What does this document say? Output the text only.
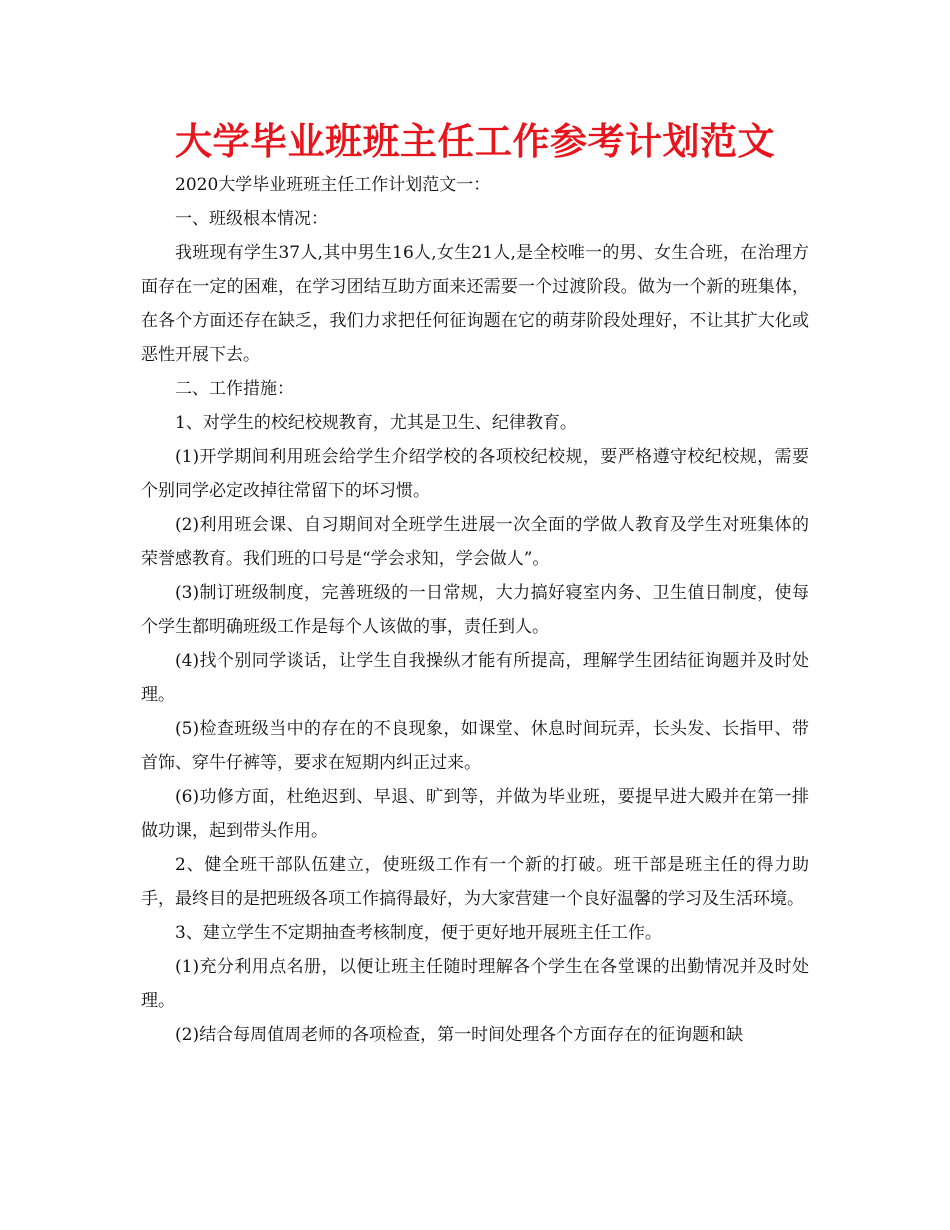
大学毕业班班主任工作参考计划范文

2020大学毕业班班主任工作计划范文一：

一、班级根本情况：

我班现有学生37人,其中男生16人,女生21人,是全校唯一的男、女生合班，在治理方面存在一定的困难，在学习团结互助方面来还需要一个过渡阶段。做为一个新的班集体，在各个方面还存在缺乏，我们力求把任何征询题在它的萌芽阶段处理好，不让其扩大化或恶性开展下去。

二、工作措施：

1、对学生的校纪校规教育，尤其是卫生、纪律教育。

(1)开学期间利用班会给学生介绍学校的各项校纪校规，要严格遵守校纪校规，需要个别同学必定改掉往常留下的坏习惯。

(2)利用班会课、自习期间对全班学生进展一次全面的学做人教育及学生对班集体的荣誉感教育。我们班的口号是“学会求知，学会做人”。

(3)制订班级制度，完善班级的一日常规，大力搞好寝室内务、卫生值日制度，使每个学生都明确班级工作是每个人该做的事，责任到人。

(4)找个别同学谈话，让学生自我操纵才能有所提高，理解学生团结征询题并及时处理。

(5)检查班级当中的存在的不良现象，如课堂、休息时间玩弄，长头发、长指甲、带首饰、穿牛仔裤等，要求在短期内纠正过来。

(6)功修方面，杜绝迟到、早退、旷到等，并做为毕业班，要提早进大殿并在第一排做功课，起到带头作用。

2、健全班干部队伍建立，使班级工作有一个新的打破。班干部是班主任的得力助手，最终目的是把班级各项工作搞得最好，为大家营建一个良好温馨的学习及生活环境。

3、建立学生不定期抽查考核制度，便于更好地开展班主任工作。

(1)充分利用点名册，以便让班主任随时理解各个学生在各堂课的出勤情况并及时处理。

(2)结合每周值周老师的各项检查，第一时间处理各个方面存在的征询题和缺
